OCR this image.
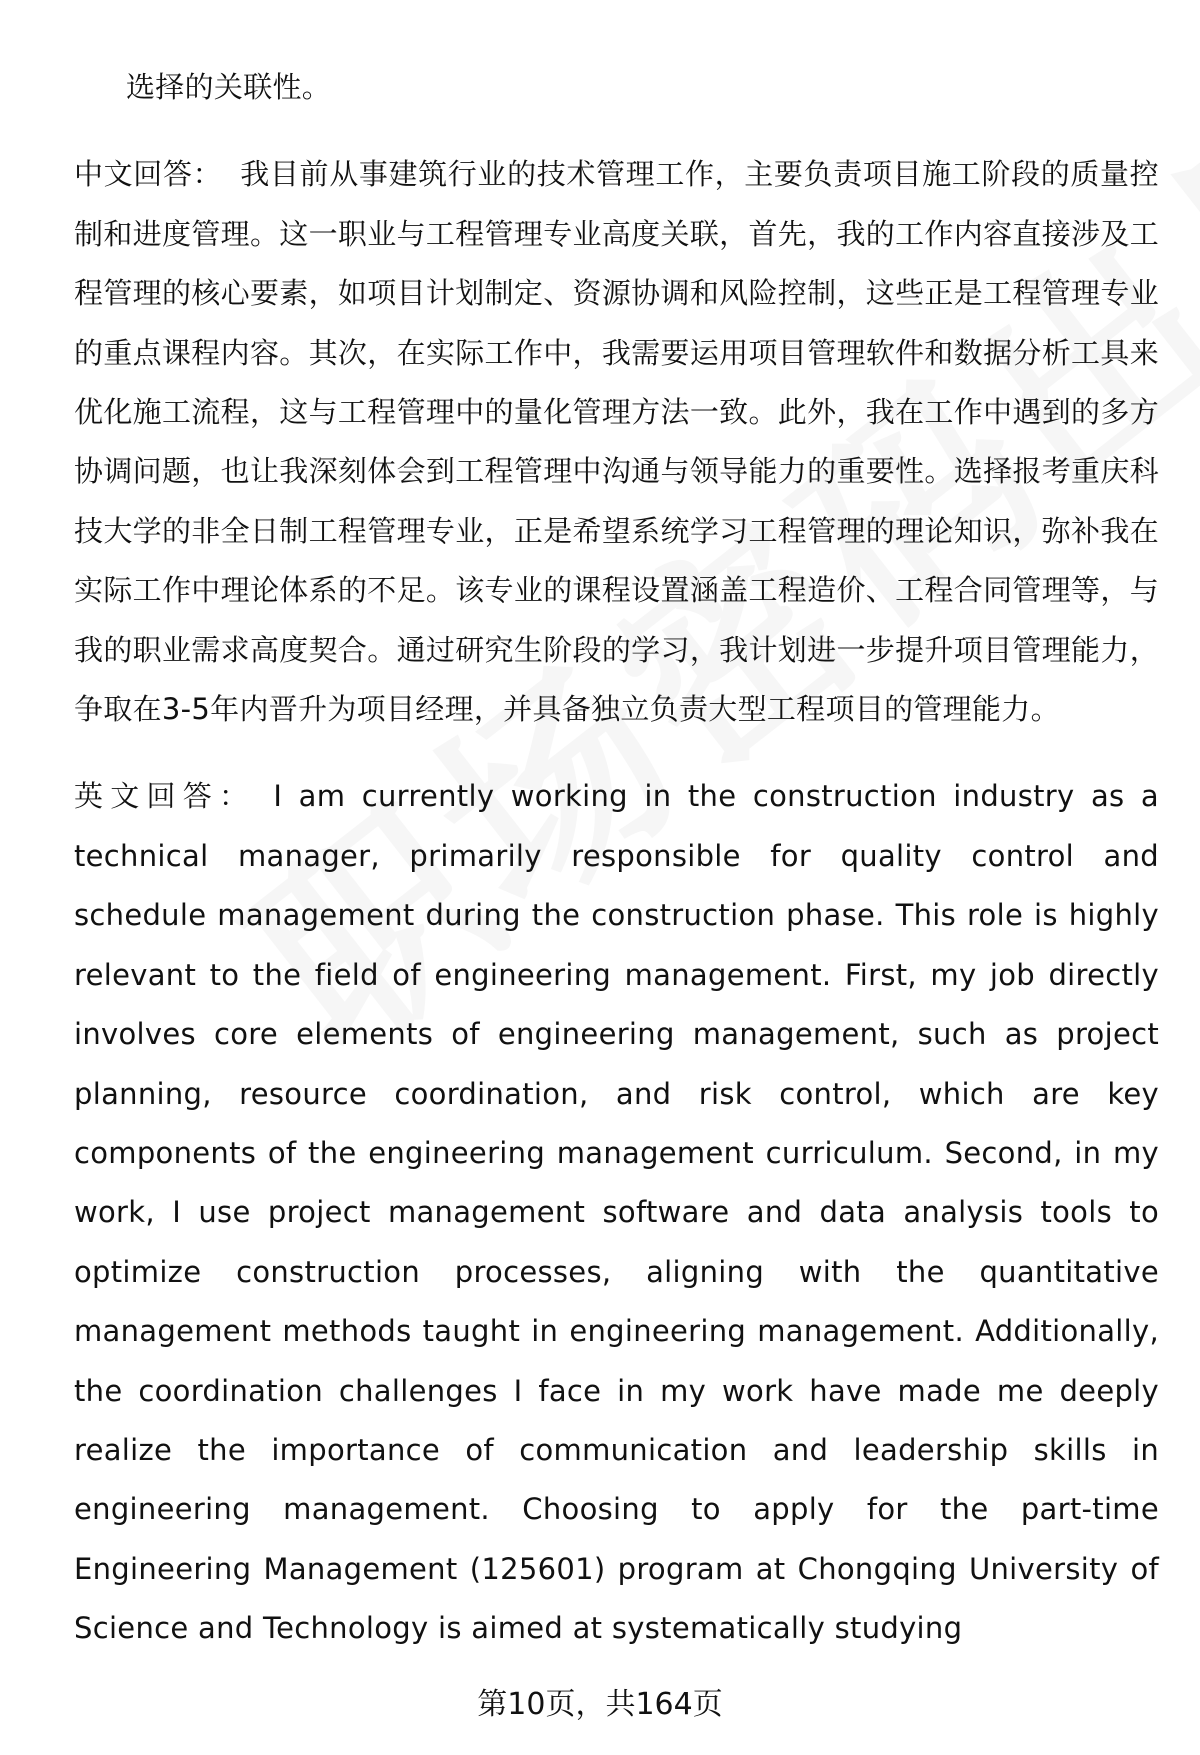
选择的关联性。

中文回答： 我目前从事建筑行业的技术管理工作，主要负责项目施工阶段的质量控制和进度管理。这一职业与工程管理专业高度关联，首先，我的工作内容直接涉及工程管理的核心要素，如项目计划制定、资源协调和风险控制，这些正是工程管理专业的重点课程内容。其次，在实际工作中，我需要运用项目管理软件和数据分析工具来优化施工流程，这与工程管理中的量化管理方法一致。此外，我在工作中遇到的多方协调问题，也让我深刻体会到工程管理中沟通与领导能力的重要性。选择报考重庆科技大学的非全日制工程管理专业，正是希望系统学习工程管理的理论知识，弥补我在实际工作中理论体系的不足。该专业的课程设置涵盖工程造价、工程合同管理等，与我的职业需求高度契合。通过研究生阶段的学习，我计划进一步提升项目管理能力，争取在3-5年内晋升为项目经理，并具备独立负责大型工程项目的管理能力。

英文回答： I am currently working in the construction industry as a technical manager, primarily responsible for quality control and schedule management during the construction phase. This role is highly relevant to the field of engineering management. First, my job directly involves core elements of engineering management, such as project planning, resource coordination, and risk control, which are key components of the engineering management curriculum. Second, in my work, I use project management software and data analysis tools to optimize construction processes, aligning with the quantitative management methods taught in engineering management. Additionally, the coordination challenges I face in my work have made me deeply realize the importance of communication and leadership skills in engineering management. Choosing to apply for the part-time Engineering Management (125601) program at Chongqing University of Science and Technology is aimed at systematically studying

第10页，共164页
